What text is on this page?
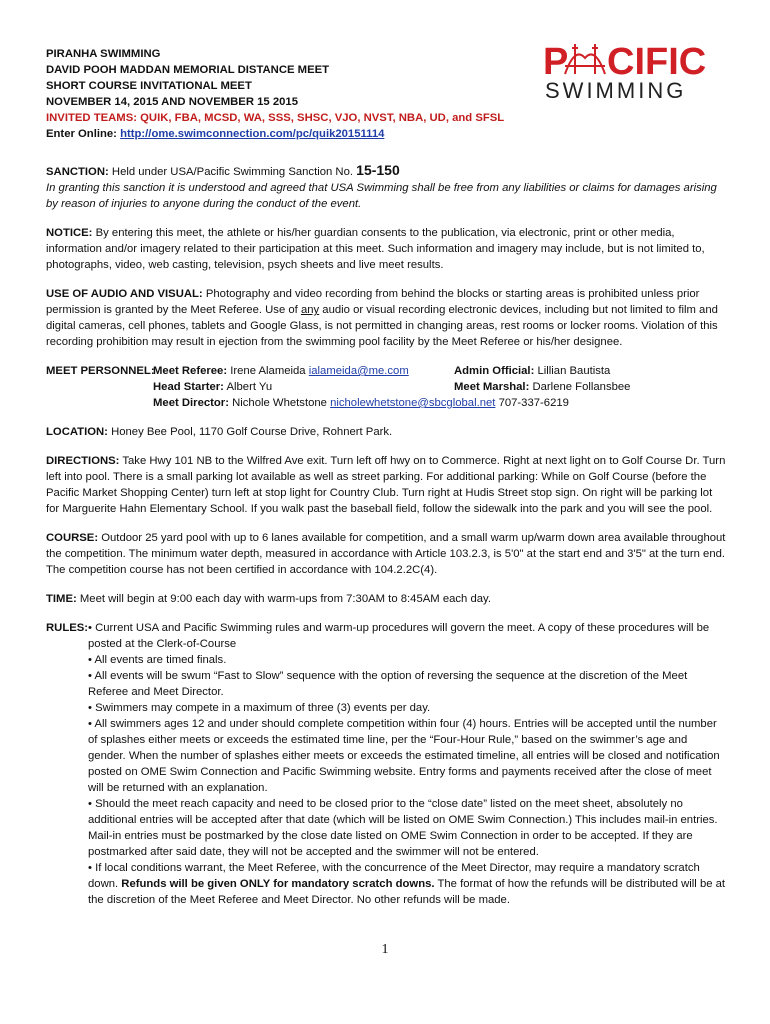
P CIFIC
SWIMMING
PIRANHA SWIMMING
DAVID POOH MADDAN MEMORIAL DISTANCE MEET
SHORT COURSE INVITATIONAL MEET
NOVEMBER 14, 2015 AND NOVEMBER 15 2015
INVITED TEAMS: QUIK, FBA, MCSD, WA, SSS, SHSC, VJO, NVST, NBA, UD, and SFSL
Enter Online: http://ome.swimconnection.com/pc/quik20151114
SANCTION: Held under USA/Pacific Swimming Sanction No. 15-150
In granting this sanction it is understood and agreed that USA Swimming shall be free from any liabilities or claims for damages arising by reason of injuries to anyone during the conduct of the event.
NOTICE: By entering this meet, the athlete or his/her guardian consents to the publication, via electronic, print or other media, information and/or imagery related to their participation at this meet. Such information and imagery may include, but is not limited to, photographs, video, web casting, television, psych sheets and live meet results.
USE OF AUDIO AND VISUAL: Photography and video recording from behind the blocks or starting areas is prohibited unless prior permission is granted by the Meet Referee. Use of any audio or visual recording electronic devices, including but not limited to film and digital cameras, cell phones, tablets and Google Glass, is not permitted in changing areas, rest rooms or locker rooms. Violation of this recording prohibition may result in ejection from the swimming pool facility by the Meet Referee or his/her designee.
MEET PERSONNEL:
Meet Referee: Irene Alameida ialameida@me.com
Head Starter: Albert Yu
Meet Director: Nichole Whetstone nicholewhetstone@sbcglobal.net 707-337-6219
Admin Official: Lillian Bautista
Meet Marshal: Darlene Follansbee
LOCATION: Honey Bee Pool, 1170 Golf Course Drive, Rohnert Park.
DIRECTIONS: Take Hwy 101 NB to the Wilfred Ave exit. Turn left off hwy on to Commerce. Right at next light on to Golf Course Dr. Turn left into pool. There is a small parking lot available as well as street parking. For additional parking: While on Golf Course (before the Pacific Market Shopping Center) turn left at stop light for Country Club. Turn right at Hudis Street stop sign. On right will be parking lot for Marguerite Hahn Elementary School. If you walk past the baseball field, follow the sidewalk into the park and you will see the pool.
COURSE: Outdoor 25 yard pool with up to 6 lanes available for competition, and a small warm up/warm down area available throughout the competition. The minimum water depth, measured in accordance with Article 103.2.3, is 5'0" at the start end and 3'5" at the turn end. The competition course has not been certified in accordance with 104.2.2C(4).
TIME: Meet will begin at 9:00 each day with warm-ups from 7:30AM to 8:45AM each day.
RULES: • Current USA and Pacific Swimming rules and warm-up procedures will govern the meet. A copy of these procedures will be posted at the Clerk-of-Course
• All events are timed finals.
• All events will be swum “Fast to Slow” sequence with the option of reversing the sequence at the discretion of the Meet Referee and Meet Director.
• Swimmers may compete in a maximum of three (3) events per day.
• All swimmers ages 12 and under should complete competition within four (4) hours. Entries will be accepted until the number of splashes either meets or exceeds the estimated time line, per the “Four-Hour Rule,” based on the swimmer’s age and gender. When the number of splashes either meets or exceeds the estimated timeline, all entries will be closed and notification posted on OME Swim Connection and Pacific Swimming website. Entry forms and payments received after the close of meet will be returned with an explanation.
• Should the meet reach capacity and need to be closed prior to the “close date” listed on the meet sheet, absolutely no additional entries will be accepted after that date (which will be listed on OME Swim Connection.) This includes mail-in entries. Mail-in entries must be postmarked by the close date listed on OME Swim Connection in order to be accepted. If they are postmarked after said date, they will not be accepted and the swimmer will not be entered.
• If local conditions warrant, the Meet Referee, with the concurrence of the Meet Director, may require a mandatory scratch down. Refunds will be given ONLY for mandatory scratch downs. The format of how the refunds will be distributed will be at the discretion of the Meet Referee and Meet Director. No other refunds will be made.
1
